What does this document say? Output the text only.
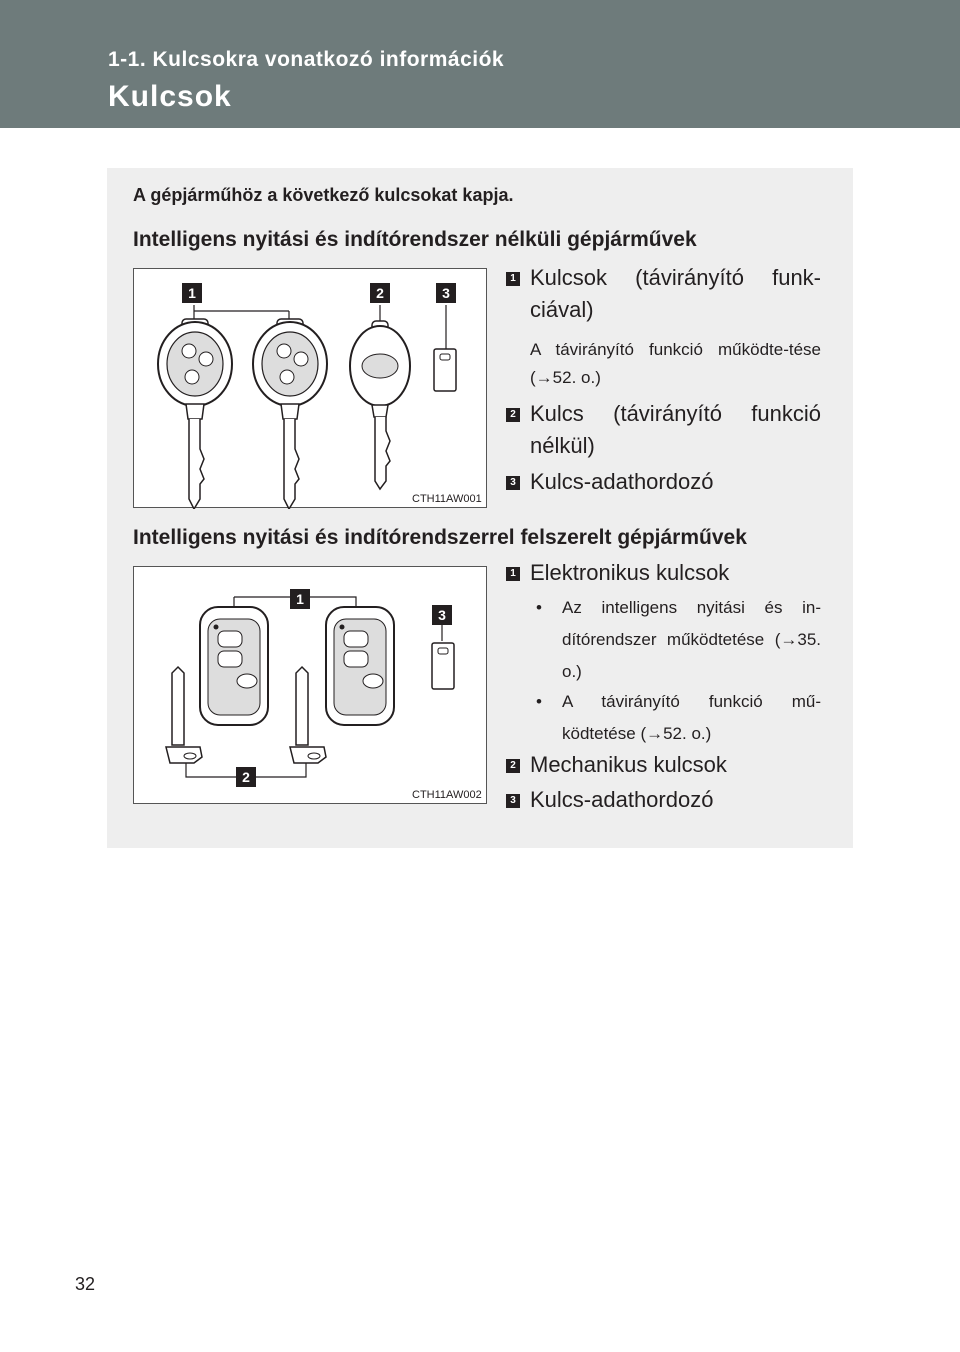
1-1. Kulcsokra vonatkozó információk
Kulcsok
A gépjárműhöz a következő kulcsokat kapja.
Intelligens nyitási és indítórendszer nélküli gépjárművek
1	2	3
CTH11AW001
1 Kulcsok (távirányító funk-ciával)
A távirányító funkció működte-tése (→52. o.)
2 Kulcs (távirányító funkció nélkül)
3 Kulcs-adathordozó
Intelligens nyitási és indítórendszerrel felszerelt gépjárművek
1
2
3
CTH11AW002
1 Elektronikus kulcsok
• Az intelligens nyitási és in-dítórendszer működtetése (→35. o.)
• A távirányító funkció mű-ködtetése (→52. o.)
2 Mechanikus kulcsok
3 Kulcs-adathordozó
32
